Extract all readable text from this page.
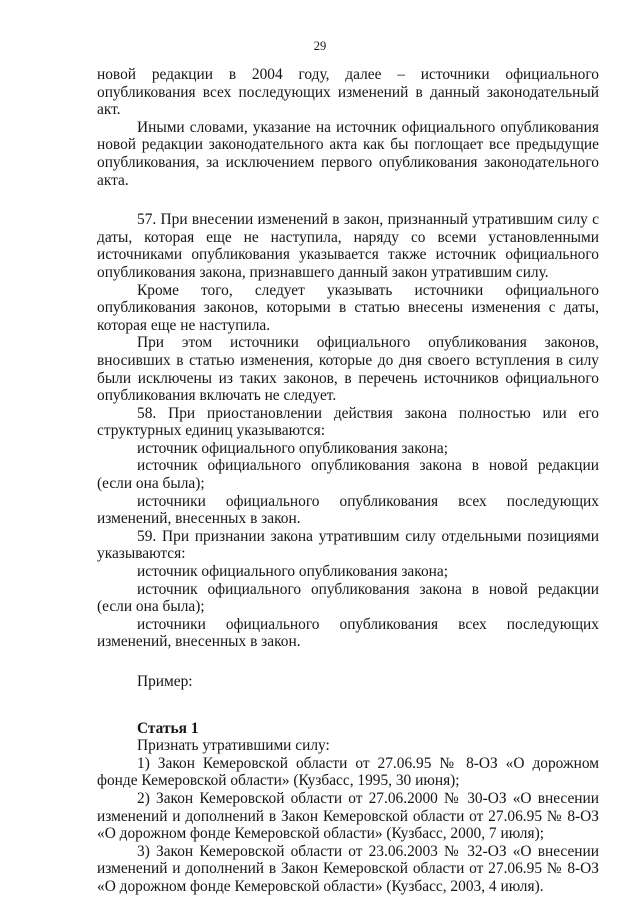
29

новой редакции в 2004 году, далее – источники официального опубликования всех последующих изменений в данный законодательный акт.

Иными словами, указание на источник официального опубликования новой редакции законодательного акта как бы поглощает все предыдущие опубликования, за исключением первого опубликования законодательного акта.

57. При внесении изменений в закон, признанный утратившим силу с даты, которая еще не наступила, наряду со всеми установленными источниками опубликования указывается также источник официального опубликования закона, признавшего данный закон утратившим силу.

Кроме того, следует указывать источники официального опубликования законов, которыми в статью внесены изменения с даты, которая еще не наступила.

При этом источники официального опубликования законов, вносивших в статью изменения, которые до дня своего вступления в силу были исключены из таких законов, в перечень источников официального опубликования включать не следует.

58. При приостановлении действия закона полностью или его структурных единиц указываются:

источник официального опубликования закона;

источник официального опубликования закона в новой редакции (если она была);

источники официального опубликования всех последующих изменений, внесенных в закон.

59. При признании закона утратившим силу отдельными позициями указываются:

источник официального опубликования закона;

источник официального опубликования закона в новой редакции (если она была);

источники официального опубликования всех последующих изменений, внесенных в закон.

Пример:

Статья 1

Признать утратившими силу:

1) Закон Кемеровской области от 27.06.95 № 8-ОЗ «О дорожном фонде Кемеровской области» (Кузбасс, 1995, 30 июня);

2) Закон Кемеровской области от 27.06.2000 № 30-ОЗ «О внесении изменений и дополнений в Закон Кемеровской области от 27.06.95 № 8-ОЗ «О дорожном фонде Кемеровской области» (Кузбасс, 2000, 7 июля);

3) Закон Кемеровской области от 23.06.2003 № 32-ОЗ «О внесении изменений и дополнений в Закон Кемеровской области от 27.06.95 № 8-ОЗ «О дорожном фонде Кемеровской области» (Кузбасс, 2003, 4 июля).
